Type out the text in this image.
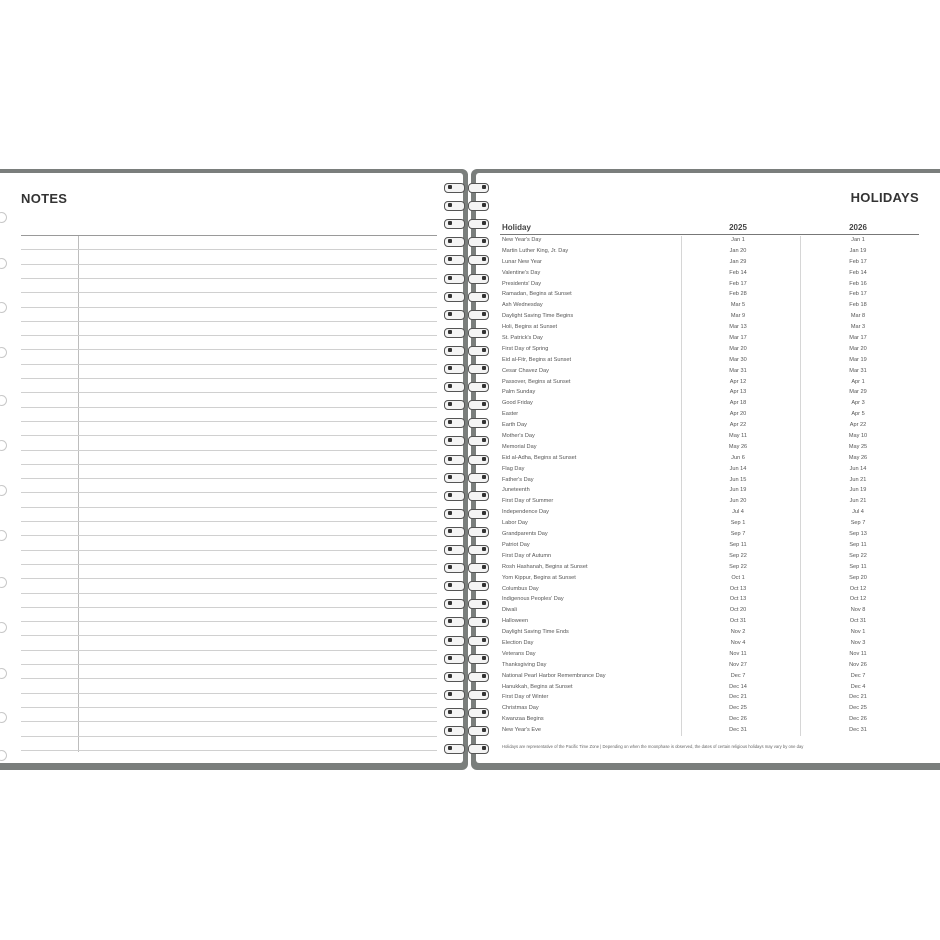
NOTES	HOLIDAYS
Holiday	2025	2026
New Year's Day	Jan 1	Jan 1
Martin Luther King, Jr. Day	Jan 20	Jan 19
Lunar New Year	Jan 29	Feb 17
Valentine's Day	Feb 14	Feb 14
Presidents' Day	Feb 17	Feb 16
Ramadan, Begins at Sunset	Feb 28	Feb 17
Ash Wednesday	Mar 5	Feb 18
Daylight Saving Time Begins	Mar 9	Mar 8
Holi, Begins at Sunset	Mar 13	Mar 3
St. Patrick's Day	Mar 17	Mar 17
First Day of Spring	Mar 20	Mar 20
Eid al-Fitr, Begins at Sunset	Mar 30	Mar 19
Cesar Chavez Day	Mar 31	Mar 31
Passover, Begins at Sunset	Apr 12	Apr 1
Palm Sunday	Apr 13	Mar 29
Good Friday	Apr 18	Apr 3
Easter	Apr 20	Apr 5
Earth Day	Apr 22	Apr 22
Mother's Day	May 11	May 10
Memorial Day	May 26	May 25
Eid al-Adha, Begins at Sunset	Jun 6	May 26
Flag Day	Jun 14	Jun 14
Father's Day	Jun 15	Jun 21
Juneteenth	Jun 19	Jun 19
First Day of Summer	Jun 20	Jun 21
Independence Day	Jul 4	Jul 4
Labor Day	Sep 1	Sep 7
Grandparents Day	Sep 7	Sep 13
Patriot Day	Sep 11	Sep 11
First Day of Autumn	Sep 22	Sep 22
Rosh Hashanah, Begins at Sunset	Sep 22	Sep 11
Yom Kippur, Begins at Sunset	Oct 1	Sep 20
Columbus Day	Oct 13	Oct 12
Indigenous Peoples' Day	Oct 13	Oct 12
Diwali	Oct 20	Nov 8
Halloween	Oct 31	Oct 31
Daylight Saving Time Ends	Nov 2	Nov 1
Election Day	Nov 4	Nov 3
Veterans Day	Nov 11	Nov 11
Thanksgiving Day	Nov 27	Nov 26
National Pearl Harbor Remembrance Day	Dec 7	Dec 7
Hanukkah, Begins at Sunset	Dec 14	Dec 4
First Day of Winter	Dec 21	Dec 21
Christmas Day	Dec 25	Dec 25
Kwanzaa Begins	Dec 26	Dec 26
New Year's Eve	Dec 31	Dec 31
Holidays are representative of the Pacific Time Zone | Depending on when the moonphase is observed, the dates of certain religious holidays may vary by one day
